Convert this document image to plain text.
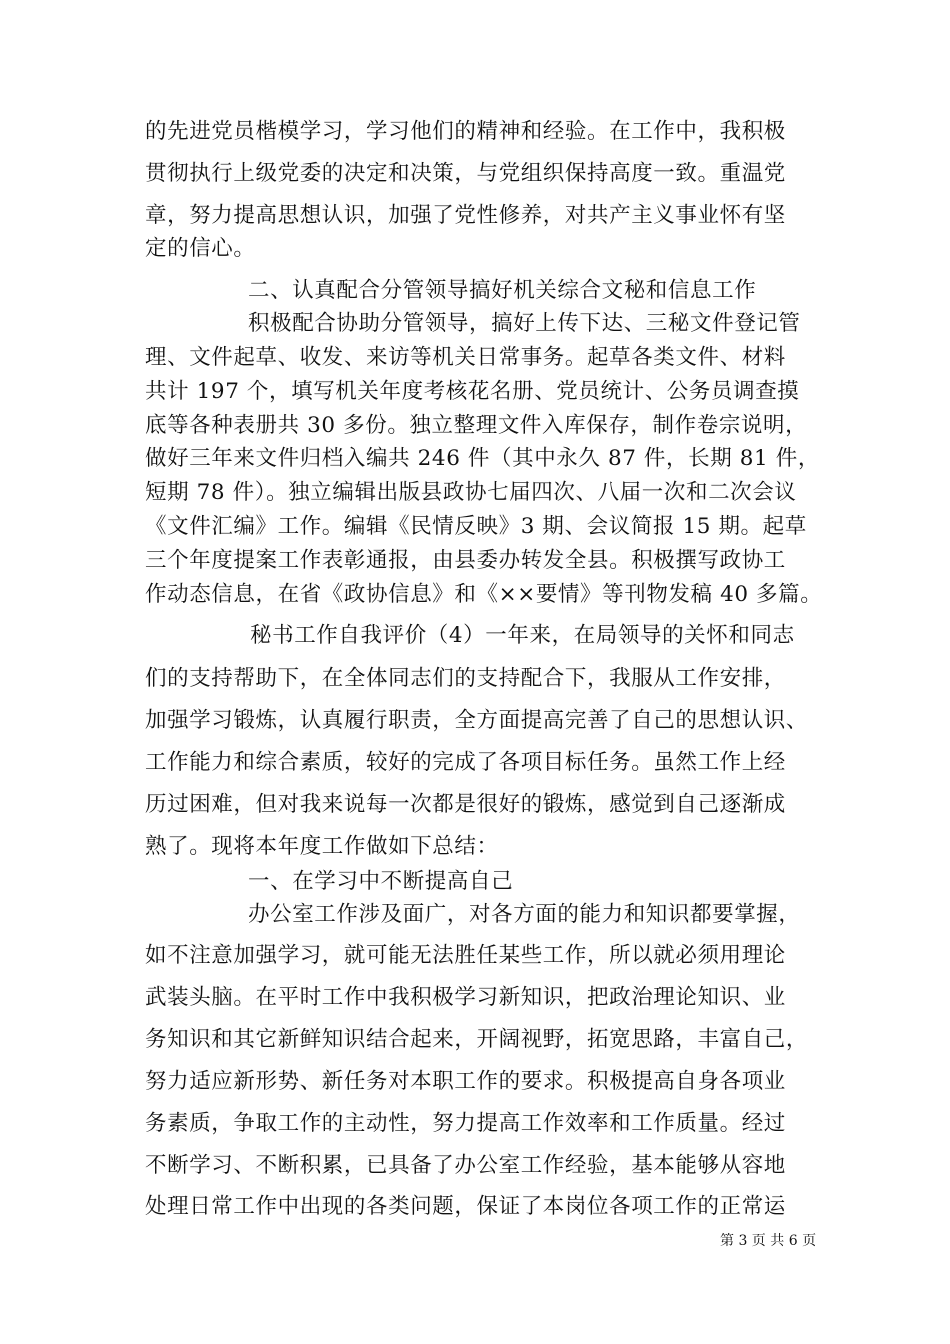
的先进党员楷模学习，学习他们的精神和经验。在工作中，我积极
贯彻执行上级党委的决定和决策，与党组织保持高度一致。重温党
章，努力提高思想认识，加强了党性修养，对共产主义事业怀有坚
定的信心。
二、认真配合分管领导搞好机关综合文秘和信息工作
积极配合协助分管领导，搞好上传下达、三秘文件登记管
理、文件起草、收发、来访等机关日常事务。起草各类文件、材料
共计 197 个，填写机关年度考核花名册、党员统计、公务员调查摸
底等各种表册共 30 多份。独立整理文件入库保存，制作卷宗说明，
做好三年来文件归档入编共 246 件（其中永久 87 件，长期 81 件，
短期 78 件）。独立编辑出版县政协七届四次、八届一次和二次会议
《文件汇编》工作。编辑《民情反映》3 期、会议简报 15 期。起草
三个年度提案工作表彰通报，由县委办转发全县。积极撰写政协工
作动态信息，在省《政协信息》和《××要情》等刊物发稿 40 多篇。
秘书工作自我评价（4）一年来，在局领导的关怀和同志
们的支持帮助下，在全体同志们的支持配合下，我服从工作安排，
加强学习锻炼，认真履行职责，全方面提高完善了自己的思想认识、
工作能力和综合素质，较好的完成了各项目标任务。虽然工作上经
历过困难，但对我来说每一次都是很好的锻炼，感觉到自己逐渐成
熟了。现将本年度工作做如下总结：
一、在学习中不断提高自己
办公室工作涉及面广，对各方面的能力和知识都要掌握，
如不注意加强学习，就可能无法胜任某些工作，所以就必须用理论
武装头脑。在平时工作中我积极学习新知识，把政治理论知识、业
务知识和其它新鲜知识结合起来，开阔视野，拓宽思路，丰富自己，
努力适应新形势、新任务对本职工作的要求。积极提高自身各项业
务素质，争取工作的主动性，努力提高工作效率和工作质量。经过
不断学习、不断积累，已具备了办公室工作经验，基本能够从容地
处理日常工作中出现的各类问题，保证了本岗位各项工作的正常运
第 3 页 共 6 页
